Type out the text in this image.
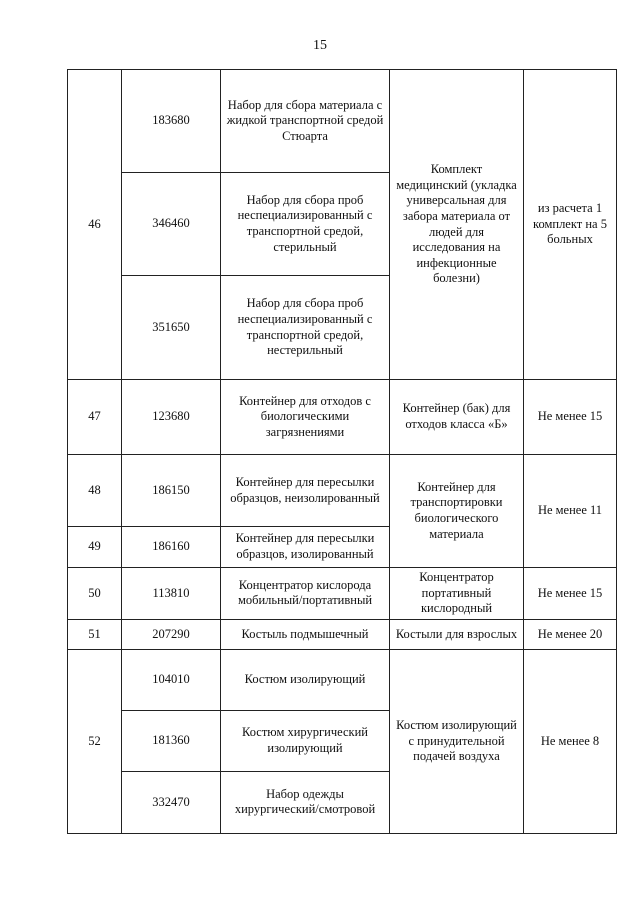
15
46	183680	Набор для сбора материала с жидкой транспортной средой Стюарта	Комплект медицинский (укладка универсальная для забора материала от людей для исследования на инфекционные болезни)	из расчета 1 комплект на 5 больных
	346460	Набор для сбора проб неспециализированный с транспортной средой, стерильный		
	351650	Набор для сбора проб неспециализированный с транспортной средой, нестерильный		
47	123680	Контейнер для отходов с биологическими загрязнениями	Контейнер (бак) для отходов класса «Б»	Не менее 15
48	186150	Контейнер для пересылки образцов, неизолированный	Контейнер для транспортировки биологического материала	Не менее 11
49	186160	Контейнер для пересылки образцов, изолированный		
50	113810	Концентратор кислорода мобильный/портативный	Концентратор портативный кислородный	Не менее 15
51	207290	Костыль подмышечный	Костыли для взрослых	Не менее 20
52	104010	Костюм изолирующий	Костюм изолирующий с принудительной подачей воздуха	Не менее 8
	181360	Костюм хирургический изолирующий		
	332470	Набор одежды хирургический/смотровой		
